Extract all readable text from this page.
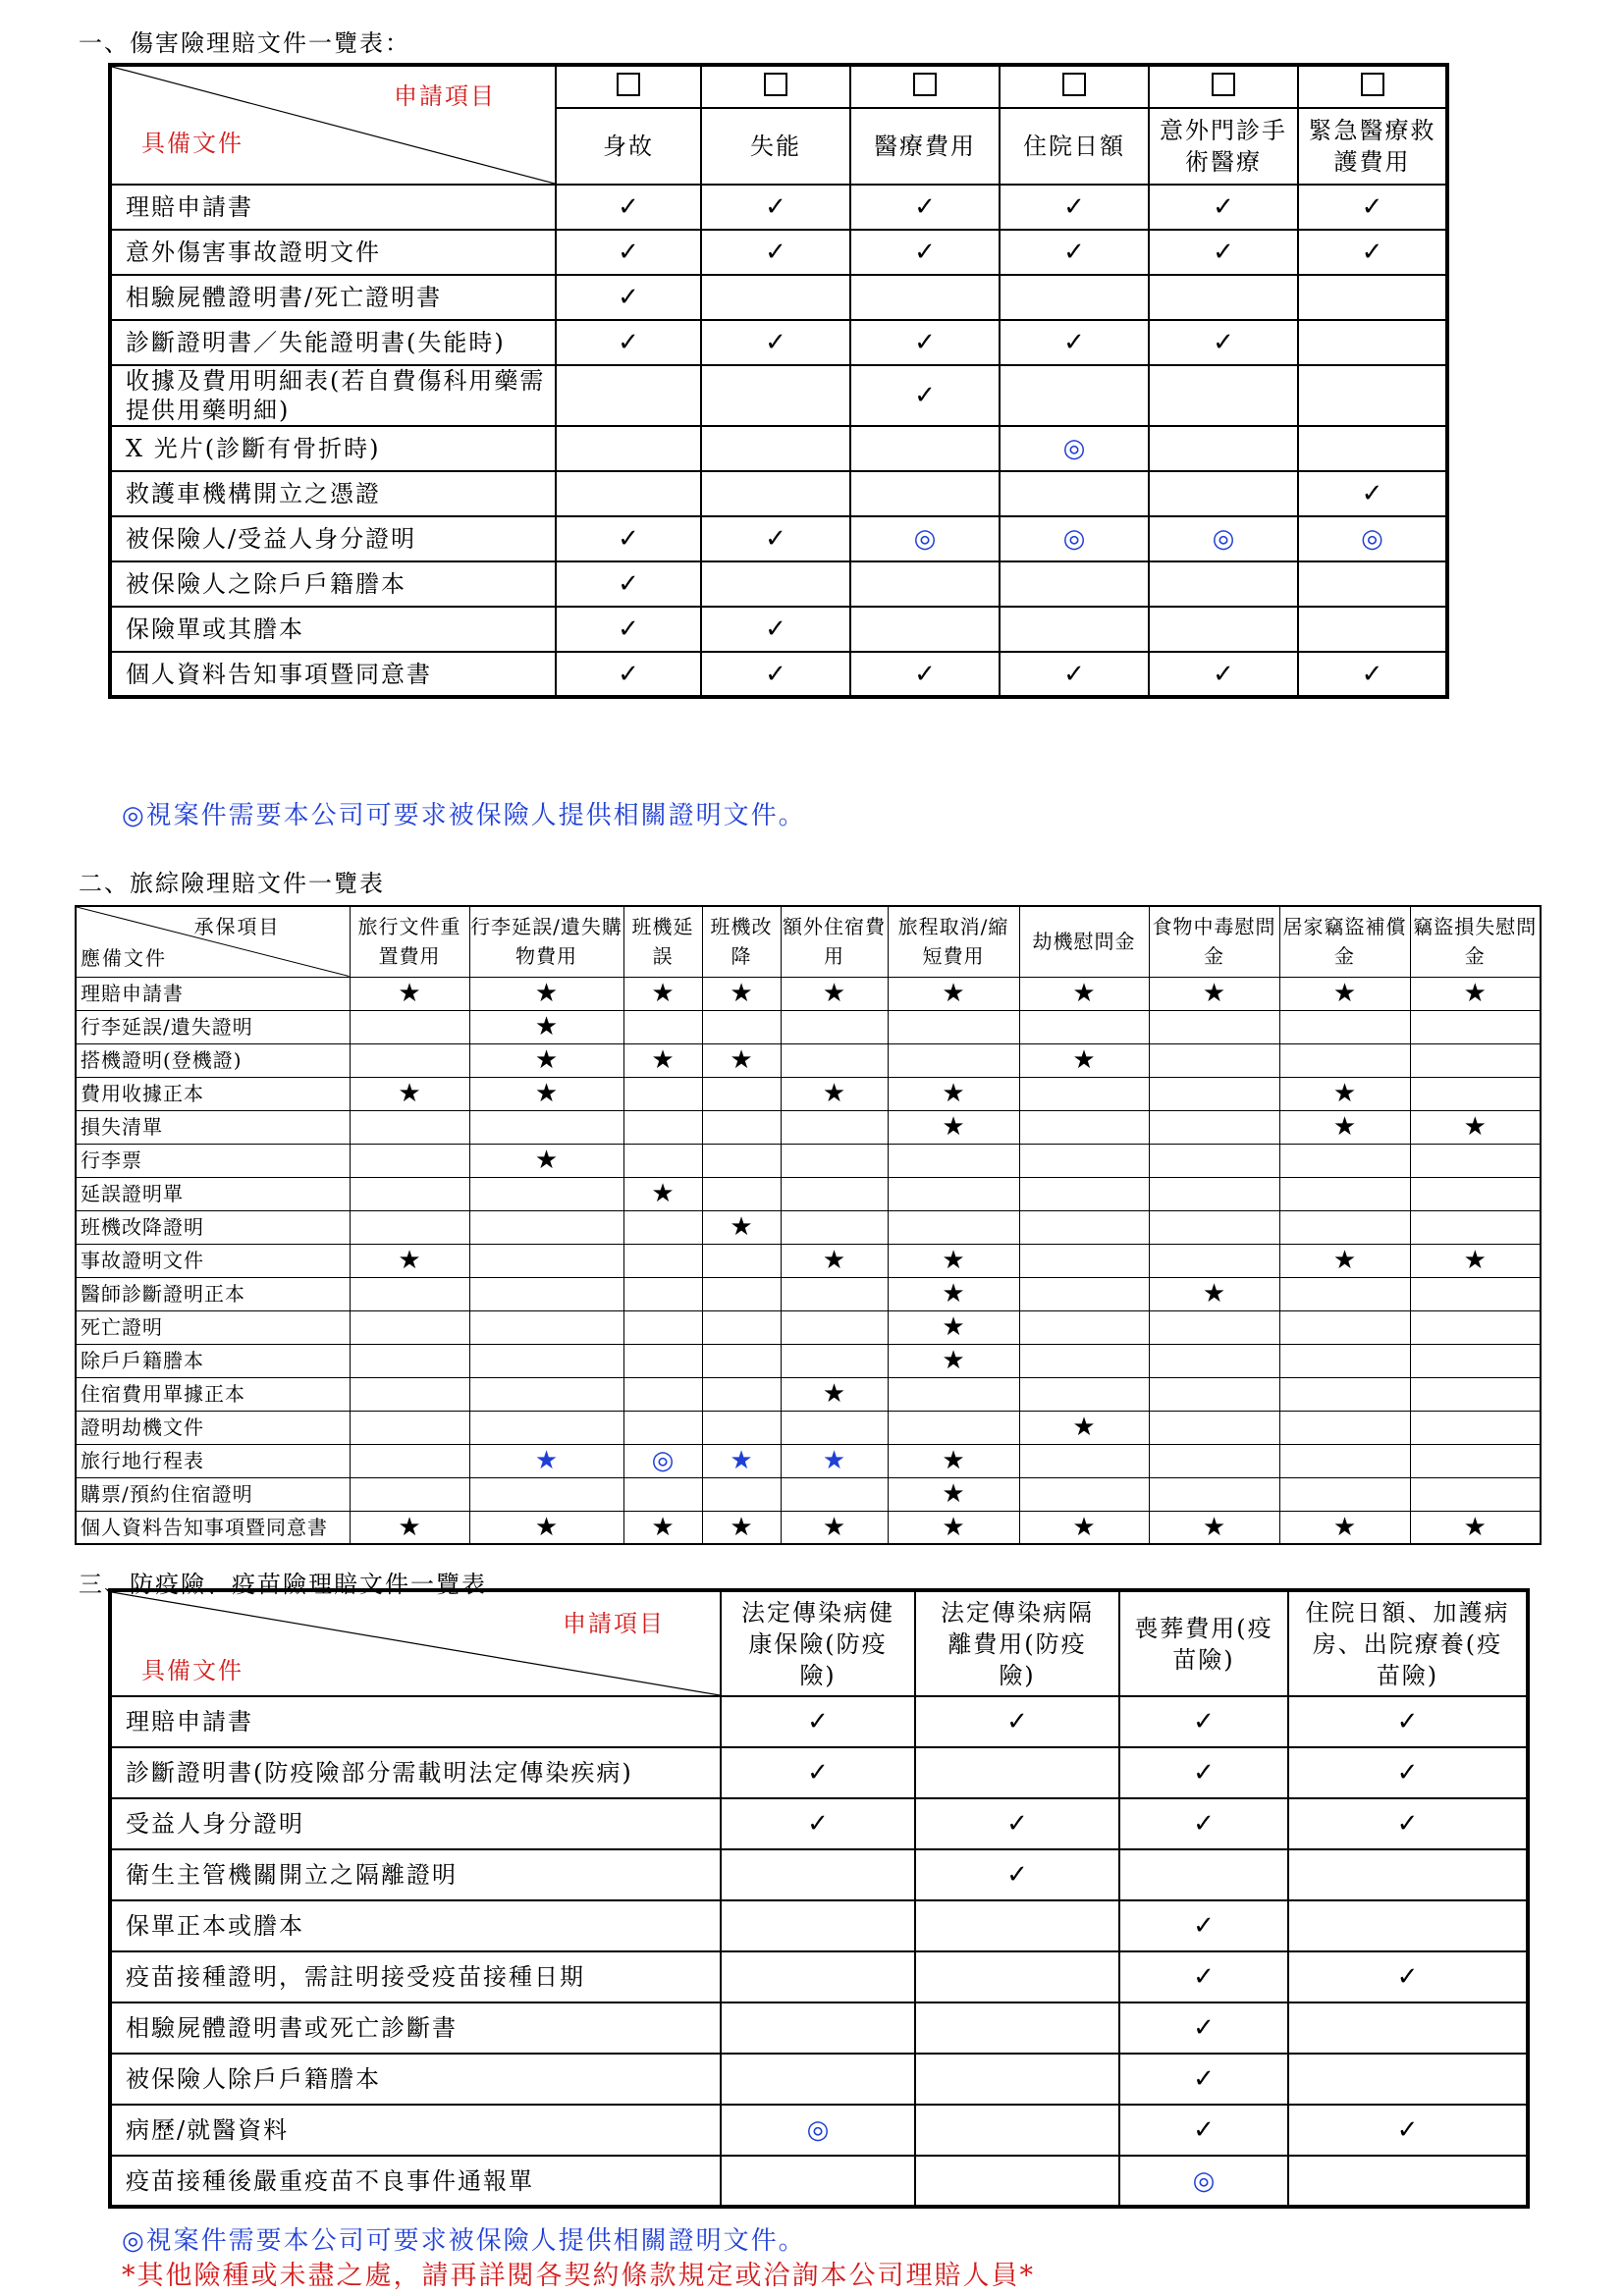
一、傷害險理賠文件一覽表：
申請項目
具備文件						

	身故	失能	醫療費用	住院日額	意外門診手術醫療	緊急醫療救護費用
理賠申請書	✓	✓	✓	✓	✓	✓
意外傷害事故證明文件	✓	✓	✓	✓	✓	✓
相驗屍體證明書/死亡證明書	✓					
診斷證明書／失能證明書(失能時)	✓	✓	✓	✓	✓	
收據及費用明細表(若自費傷科用藥需提供用藥明細)			✓			
X 光片(診斷有骨折時)				◎		
救護車機構開立之憑證						✓
被保險人/受益人身分證明	✓	✓	◎	◎	◎	◎
被保險人之除戶戶籍謄本	✓					
保險單或其謄本	✓	✓				
個人資料告知事項暨同意書	✓	✓	✓	✓	✓	✓
◎視案件需要本公司可要求被保險人提供相關證明文件。
二、旅綜險理賠文件一覽表
承保項目
應備文件	旅行文件重置費用	行李延誤/遺失購物費用	班機延誤	班機改降	額外住宿費用	旅程取消/縮短費用	劫機慰問金	食物中毒慰問金	居家竊盜補償金	竊盜損失慰問金
理賠申請書	★	★	★	★	★	★	★	★	★	★
行李延誤/遺失證明		★								
搭機證明(登機證)		★	★	★			★			
費用收據正本	★	★			★	★			★	
損失清單						★			★	★
行李票		★								
延誤證明單			★							
班機改降證明				★						
事故證明文件	★				★	★			★	★
醫師診斷證明正本						★		★		
死亡證明						★				
除戶戶籍謄本						★				
住宿費用單據正本					★					
證明劫機文件							★			
旅行地行程表		★	◎	★	★	★				
購票/預約住宿證明						★				
個人資料告知事項暨同意書	★	★	★	★	★	★	★	★	★	★
三、防疫險、疫苗險理賠文件一覽表
申請項目
具備文件	法定傳染病健康保險(防疫險)	法定傳染病隔離費用(防疫險)	喪葬費用(疫苗險)	住院日額、加護病房、出院療養(疫苗險)
理賠申請書	✓	✓	✓	✓
診斷證明書(防疫險部分需載明法定傳染疾病)	✓		✓	✓
受益人身分證明	✓	✓	✓	✓
衛生主管機關開立之隔離證明		✓		
保單正本或謄本			✓	
疫苗接種證明，需註明接受疫苗接種日期			✓	✓
相驗屍體證明書或死亡診斷書			✓	
被保險人除戶戶籍謄本			✓	
病歷/就醫資料	◎		✓	✓
疫苗接種後嚴重疫苗不良事件通報單			◎	
◎視案件需要本公司可要求被保險人提供相關證明文件。
*其他險種或未盡之處，請再詳閱各契約條款規定或洽詢本公司理賠人員*
